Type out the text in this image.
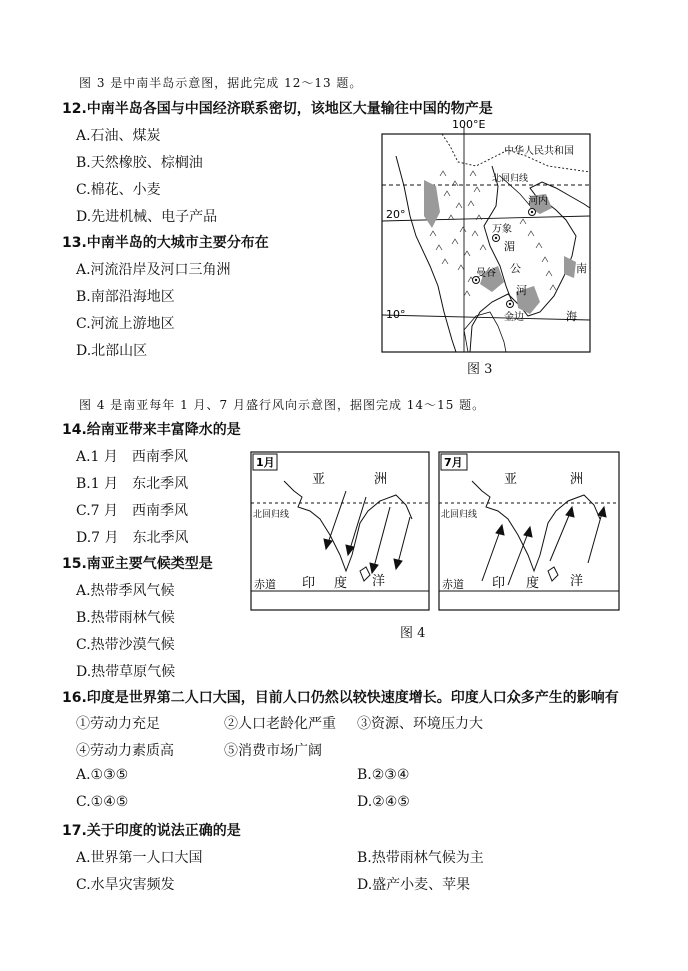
图 3 是中南半岛示意图，据此完成 12～13 题。
12.中南半岛各国与中国经济联系密切，该地区大量输往中国的物产是
A.石油、煤炭
B.天然橡胶、棕榈油
C.棉花、小麦
D.先进机械、电子产品
13.中南半岛的大城市主要分布在
A.河流沿岸及河口三角洲
B.南部沿海地区
C.河流上游地区
D.北部山区
100°E
中华人民共和国
北回归线
20°
10°
河内
万象
湄
公
河
曼谷
金边
南
海
图 3
图 4 是南亚每年 1 月、7 月盛行风向示意图，据图完成 14～15 题。
14.给南亚带来丰富降水的是
A.1 月　西南季风
B.1 月　东北季风
C.7 月　西南季风
D.7 月　东北季风
15.南亚主要气候类型是
A.热带季风气候
B.热带雨林气候
C.热带沙漠气候
D.热带草原气候
1月
亚	洲
北回归线
赤道 印 度 洋
7月
亚	洲
北回归线
赤道 印 度 洋
图 4
16.印度是世界第二人口大国，目前人口仍然以较快速度增长。印度人口众多产生的影响有
①劳动力充足	②人口老龄化严重 ③资源、环境压力大
④劳动力素质高	⑤消费市场广阔
A.①③⑤	B.②③④
C.①④⑤	D.②④⑤
17.关于印度的说法正确的是
A.世界第一人口大国	B.热带雨林气候为主
C.水旱灾害频发	D.盛产小麦、苹果
